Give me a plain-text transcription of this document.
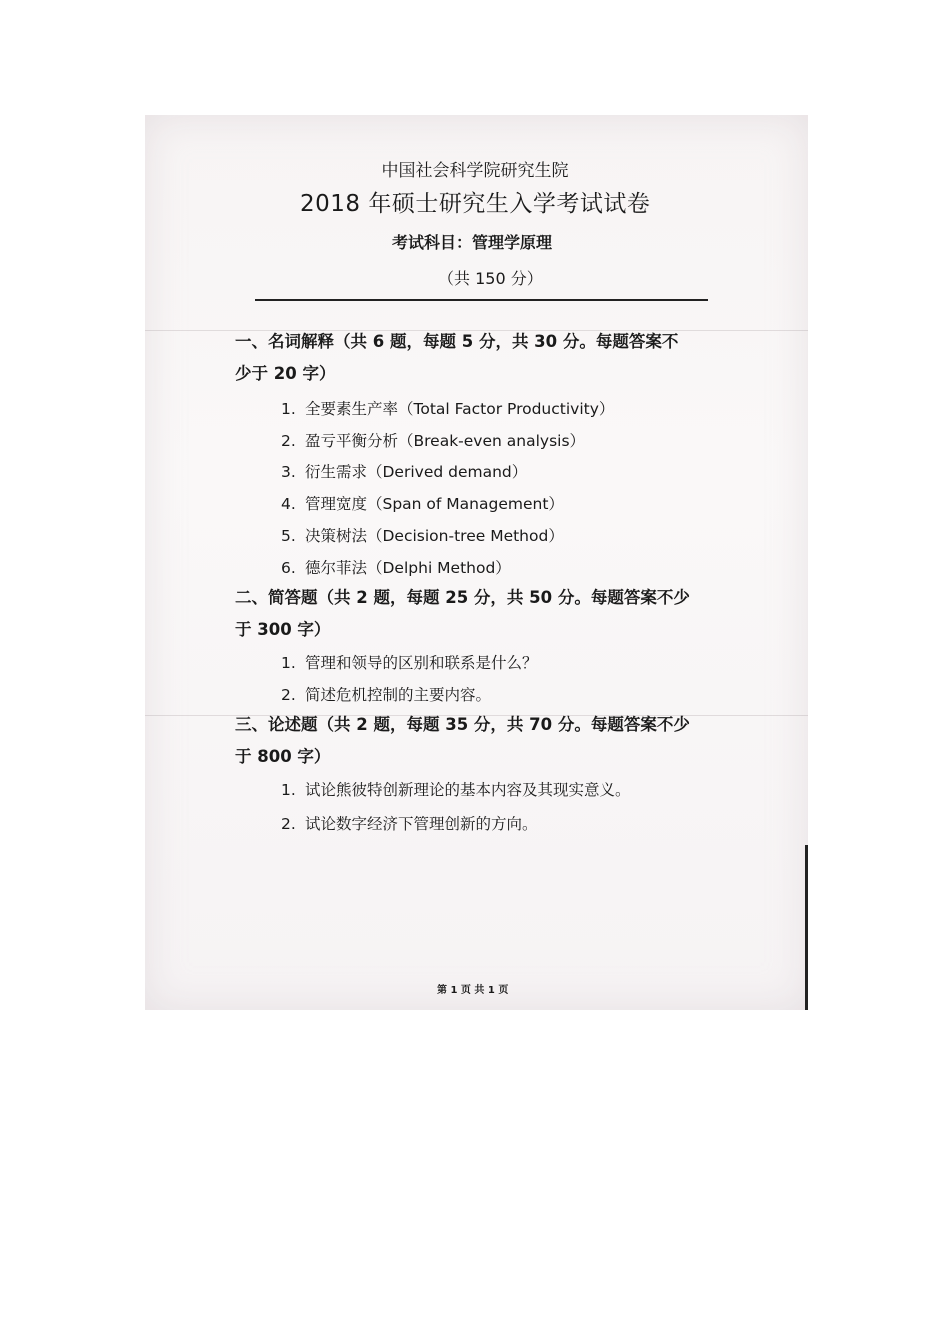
中国社会科学院研究生院
2018 年硕士研究生入学考试试卷
考试科目：管理学原理
（共 150 分）
一、名词解释（共 6 题，每题 5 分，共 30 分。每题答案不
少于 20 字）
1. 全要素生产率（Total Factor Productivity）
2. 盈亏平衡分析（Break-even analysis）
3. 衍生需求（Derived demand）
4. 管理宽度（Span of Management）
5. 决策树法（Decision-tree Method）
6. 德尔菲法（Delphi Method）
二、简答题（共 2 题，每题 25 分，共 50 分。每题答案不少
于 300 字）
1. 管理和领导的区别和联系是什么？
2. 简述危机控制的主要内容。
三、论述题（共 2 题，每题 35 分，共 70 分。每题答案不少
于 800 字）
1. 试论熊彼特创新理论的基本内容及其现实意义。
2. 试论数字经济下管理创新的方向。
第 1 页 共 1 页
